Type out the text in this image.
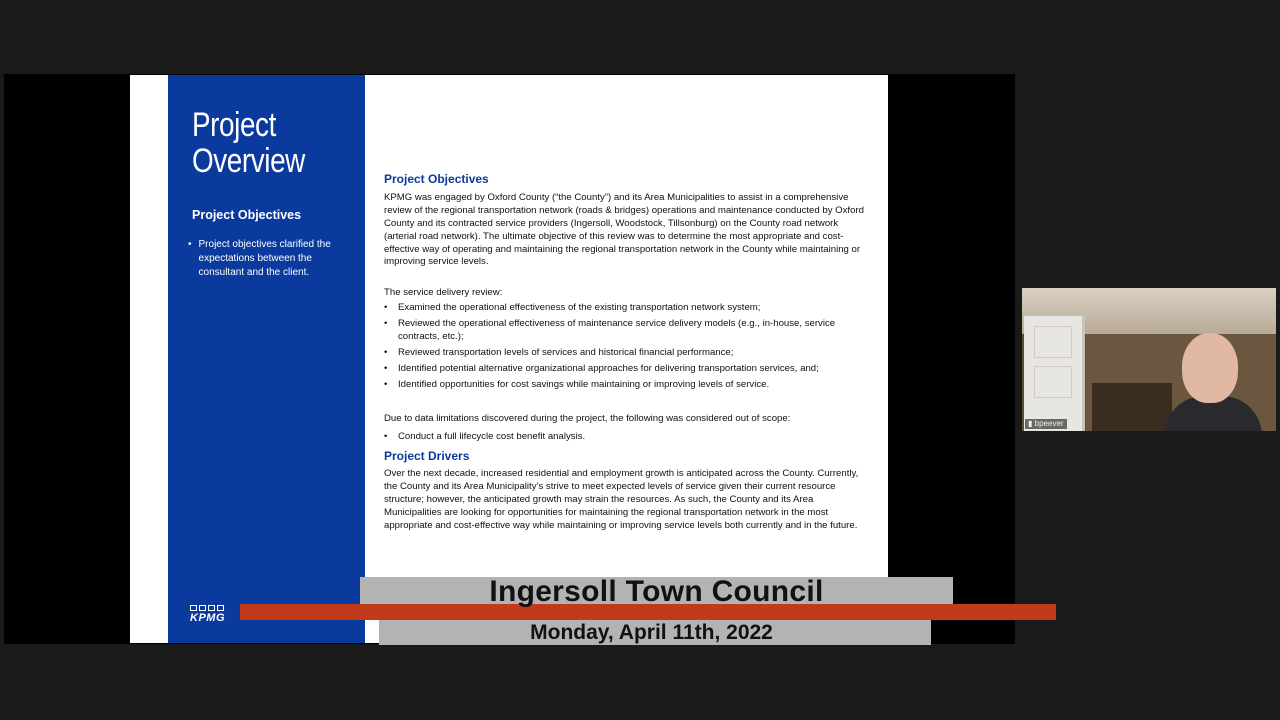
Project
Overview
Project Objectives
• Project objectives clarified the expectations between the consultant and the client.
KPMG
Project Objectives

KPMG was engaged by Oxford County (“the County”) and its Area Municipalities to assist in a comprehensive review of the regional transportation network (roads & bridges) operations and maintenance conducted by Oxford County and its contracted service providers (Ingersoll, Woodstock, Tillsonburg) on the County road network (arterial road network). The ultimate objective of this review was to determine the most appropriate and cost-effective way of operating and maintaining the regional transportation network in the County while maintaining or improving service levels.

The service delivery review:

• Examined the operational effectiveness of the existing transportation network system;
• Reviewed the operational effectiveness of maintenance service delivery models (e.g., in-house, service contracts, etc.);
• Reviewed transportation levels of services and historical financial performance;
• Identified potential alternative organizational approaches for delivering transportation services, and;
• Identified opportunities for cost savings while maintaining or improving levels of service.

Due to data limitations discovered during the project, the following was considered out of scope:

• Conduct a full lifecycle cost benefit analysis.
Project Drivers

Over the next decade, increased residential and employment growth is anticipated across the County. Currently, the County and its Area Municipality’s strive to meet expected levels of service given their current resource structure; however, the anticipated growth may strain the resources. As such, the County and its Area Municipalities are looking for opportunities for maintaining the regional transportation network in the most appropriate and cost-effective way while maintaining or improving service levels both currently and in the future.

▮ bpeever
Ingersoll Town Council
Monday, April 11th, 2022
